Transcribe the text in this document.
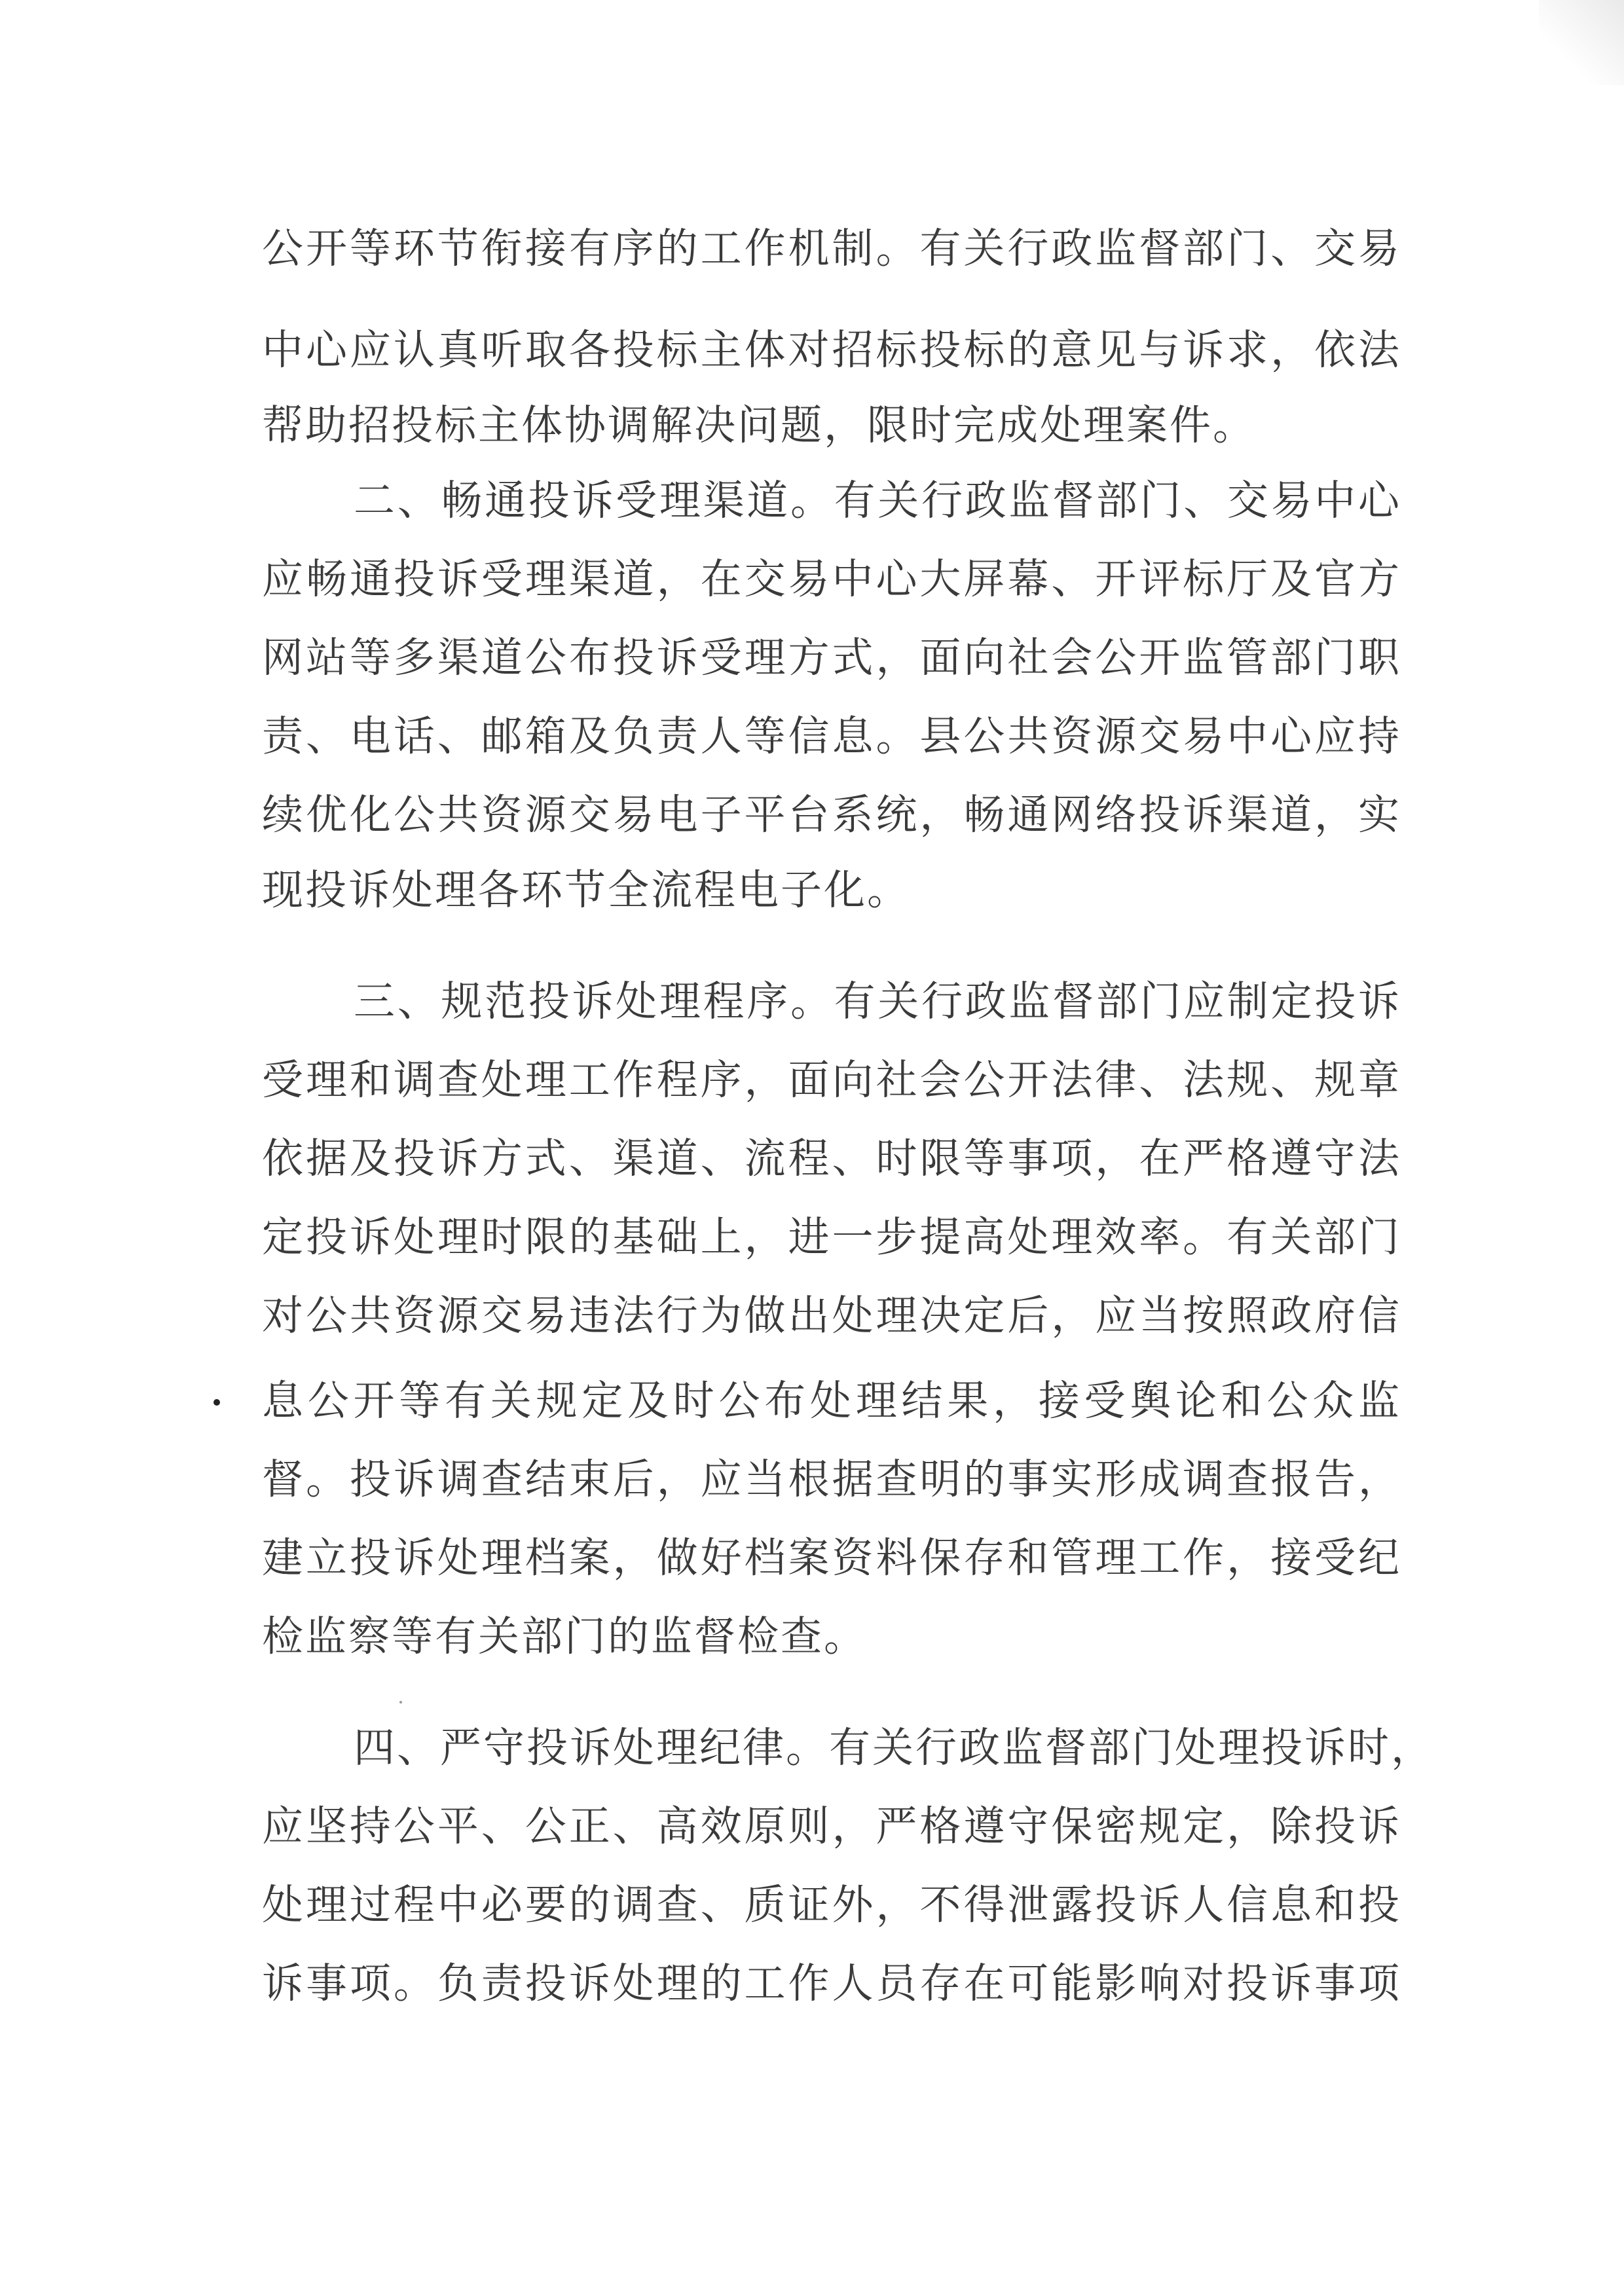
公开等环节衔接有序的工作机制。有关行政监督部门、交易
中心应认真听取各投标主体对招标投标的意见与诉求，依法
帮助招投标主体协调解决问题，限时完成处理案件。
二、畅通投诉受理渠道。有关行政监督部门、交易中心
应畅通投诉受理渠道，在交易中心大屏幕、开评标厅及官方
网站等多渠道公布投诉受理方式，面向社会公开监管部门职
责、电话、邮箱及负责人等信息。县公共资源交易中心应持
续优化公共资源交易电子平台系统，畅通网络投诉渠道，实
现投诉处理各环节全流程电子化。
三、规范投诉处理程序。有关行政监督部门应制定投诉
受理和调查处理工作程序，面向社会公开法律、法规、规章
依据及投诉方式、渠道、流程、时限等事项，在严格遵守法
定投诉处理时限的基础上，进一步提高处理效率。有关部门
对公共资源交易违法行为做出处理决定后，应当按照政府信
息公开等有关规定及时公布处理结果，接受舆论和公众监
督。投诉调查结束后，应当根据查明的事实形成调查报告，
建立投诉处理档案，做好档案资料保存和管理工作，接受纪
检监察等有关部门的监督检查。
四、严守投诉处理纪律。有关行政监督部门处理投诉时，
应坚持公平、公正、高效原则，严格遵守保密规定，除投诉
处理过程中必要的调查、质证外，不得泄露投诉人信息和投
诉事项。负责投诉处理的工作人员存在可能影响对投诉事项
